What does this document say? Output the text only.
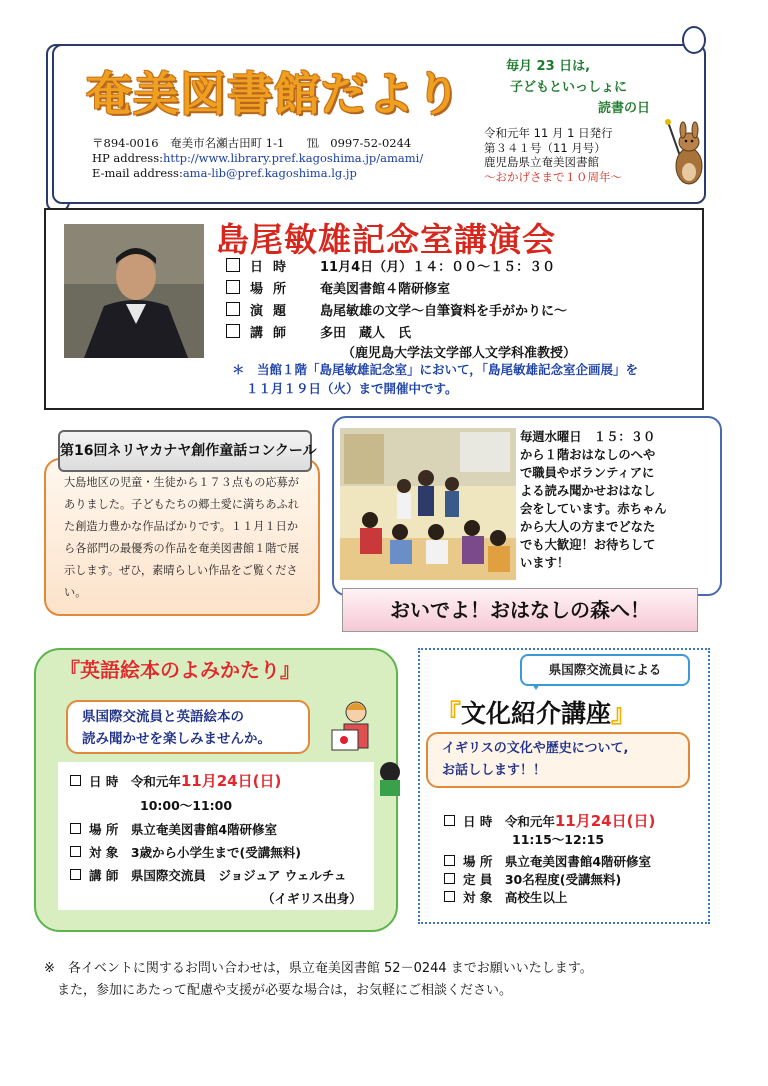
奄美図書館だより
毎月 23 日は,
子どもといっしょに
読書の日
〒894-0016　奄美市名瀬古田町 1-1　　℡　0997-52-0244
HP address:http://www.library.pref.kagoshima.jp/amami/
E-mail address:ama-lib@pref.kagoshima.lg.jp
令和元年 11 月 1 日発行
第３４１号（11 月号）
鹿児島県立奄美図書館
～おかげさまで１０周年～
島尾敏雄記念室講演会
日時 11月4日（月）１４：００～１５：３０
場所 奄美図書館４階研修室
演題 島尾敏雄の文学～自筆資料を手がかりに～
講師 多田　蔵人　氏
（鹿児島大学法文学部人文学科准教授）
＊　当館１階「島尾敏雄記念室」において，「島尾敏雄記念室企画展」を
１１月１９日（火）まで開催中です。
第16回ネリヤカナヤ創作童話コンクール
大島地区の児童・生徒から１７３点もの応募がありました。子どもたちの郷土愛に満ちあふれた創造力豊かな作品ばかりです。１１月１日から各部門の最優秀の作品を奄美図書館１階で展示します。ぜひ，素晴らしい作品をご覧ください。
毎週水曜日　１５：３０
から１階おはなしのへや
で職員やボランティアに
よる読み聞かせおはなし
会をしています。赤ちゃん
から大人の方までどなた
でも大歓迎！お待ちして
います！
おいでよ！おはなしの森へ！
『英語絵本のよみかたり』
県国際交流員と英語絵本の
読み聞かせを楽しみませんか。
日 時　令和元年11月24日(日)
10:00～11:00
場 所　県立奄美図書館4階研修室
対 象　3歳から小学生まで(受講無料)
講 師　県国際交流員　ジョジュア ウェルチュ
（イギリス出身）
県国際交流員による
『文化紹介講座』
イギリスの文化や歴史について,
お話しします！！
日 時　令和元年11月24日(日)
11:15～12:15
場 所　県立奄美図書館4階研修室
定 員　30名程度(受講無料)
対 象　高校生以上
※　各イベントに関するお問い合わせは，県立奄美図書館 52－0244 までお願いいたします。
　また，参加にあたって配慮や支援が必要な場合は，お気軽にご相談ください。
